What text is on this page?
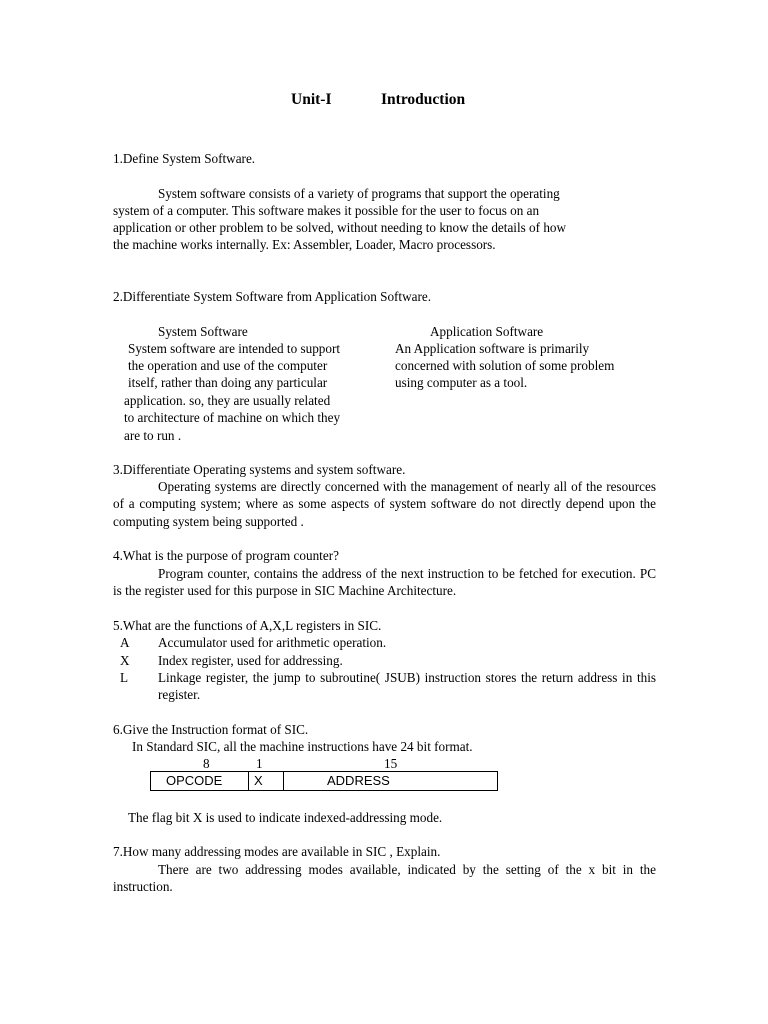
Unit-I	Introduction
1.Define System Software.
System software consists of a variety of programs that support the operating
system of a computer. This software makes it possible for the user to focus on an
application or other problem to be solved, without needing to know the details of how
the machine works internally. Ex: Assembler, Loader, Macro processors.
2.Differentiate System Software from Application Software.
System Software	Application Software
System software are intended to support
the operation and use of the computer
itself, rather than doing any particular
application. so, they are usually related
to architecture of machine on which they
are to run .
An Application software is primarily
concerned with solution of some problem
using computer as a tool.
3.Differentiate Operating systems and system software.

Operating systems are directly concerned with the management of nearly all of the resources of a computing system; where as some aspects of system software do not directly depend upon the computing system being supported .

4.What is the purpose of program counter?

Program counter, contains the address of the next instruction to be fetched for execution. PC is the register used for this purpose in SIC Machine Architecture.

5.What are the functions of A,X,L registers in SIC.
A Accumulator used for arithmetic operation.
X Index register, used for addressing.
L Linkage register, the jump to subroutine( JSUB) instruction stores the return address in this register.
6.Give the Instruction format of SIC.
In Standard SIC, all the machine instructions have 24 bit format.
8	1	15
OPCODE X	ADDRESS
The flag bit X is used to indicate indexed-addressing mode.
7.How many addressing modes are available in SIC , Explain.

There are two addressing modes available, indicated by the setting of the x bit in the instruction.
